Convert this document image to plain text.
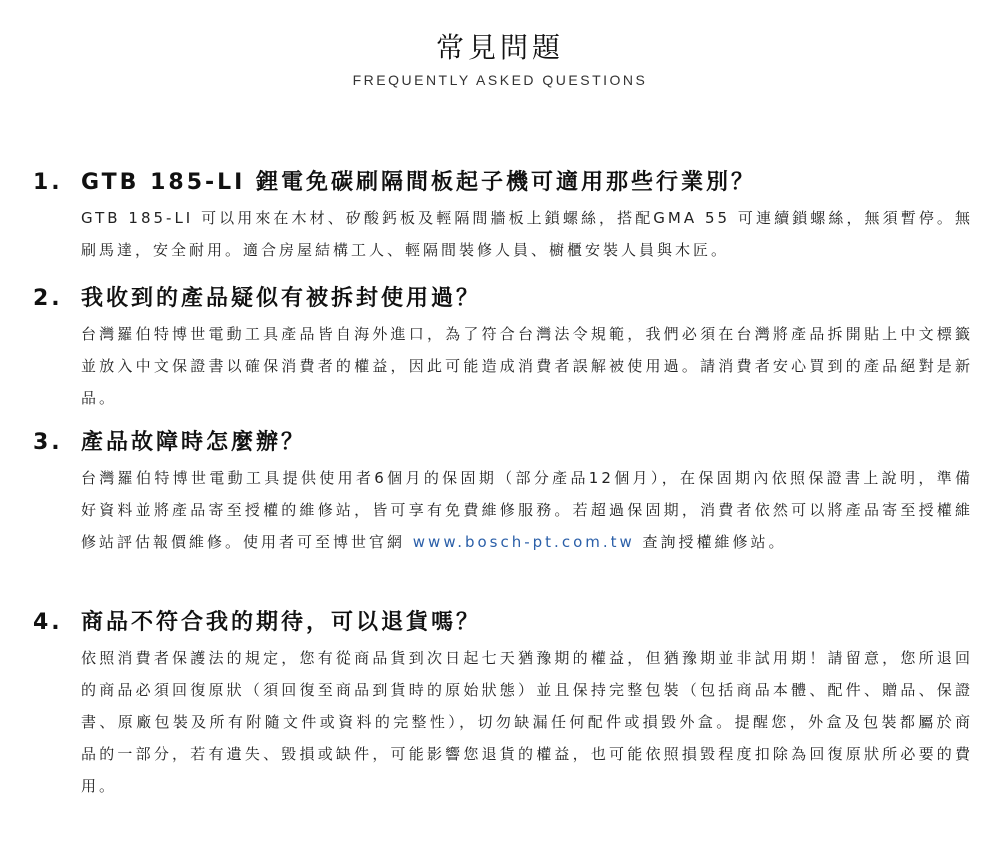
常見問題
FREQUENTLY ASKED QUESTIONS
1. GTB 185-LI 鋰電免碳刷隔間板起子機可適用那些行業別？
GTB 185-LI 可以用來在木材、矽酸鈣板及輕隔間牆板上鎖螺絲，搭配GMA 55 可連續鎖螺絲，無須暫停。無刷馬達，安全耐用。適合房屋結構工人、輕隔間裝修人員、櫥櫃安裝人員與木匠。
2. 我收到的產品疑似有被拆封使用過？
台灣羅伯特博世電動工具產品皆自海外進口，為了符合台灣法令規範，我們必須在台灣將產品拆開貼上中文標籤並放入中文保證書以確保消費者的權益，因此可能造成消費者誤解被使用過。請消費者安心買到的產品絕對是新品。
3. 產品故障時怎麼辦？
台灣羅伯特博世電動工具提供使用者6個月的保固期（部分產品12個月），在保固期內依照保證書上說明，準備好資料並將產品寄至授權的維修站，皆可享有免費維修服務。若超過保固期，消費者依然可以將產品寄至授權維修站評估報價維修。使用者可至博世官網 www.bosch-pt.com.tw 查詢授權維修站。
4. 商品不符合我的期待，可以退貨嗎？
依照消費者保護法的規定，您有從商品貨到次日起七天猶豫期的權益，但猶豫期並非試用期！請留意，您所退回的商品必須回復原狀（須回復至商品到貨時的原始狀態）並且保持完整包裝（包括商品本體、配件、贈品、保證書、原廠包裝及所有附隨文件或資料的完整性），切勿缺漏任何配件或損毀外盒。提醒您，外盒及包裝都屬於商品的一部分，若有遺失、毀損或缺件，可能影響您退貨的權益，也可能依照損毀程度扣除為回復原狀所必要的費用。
